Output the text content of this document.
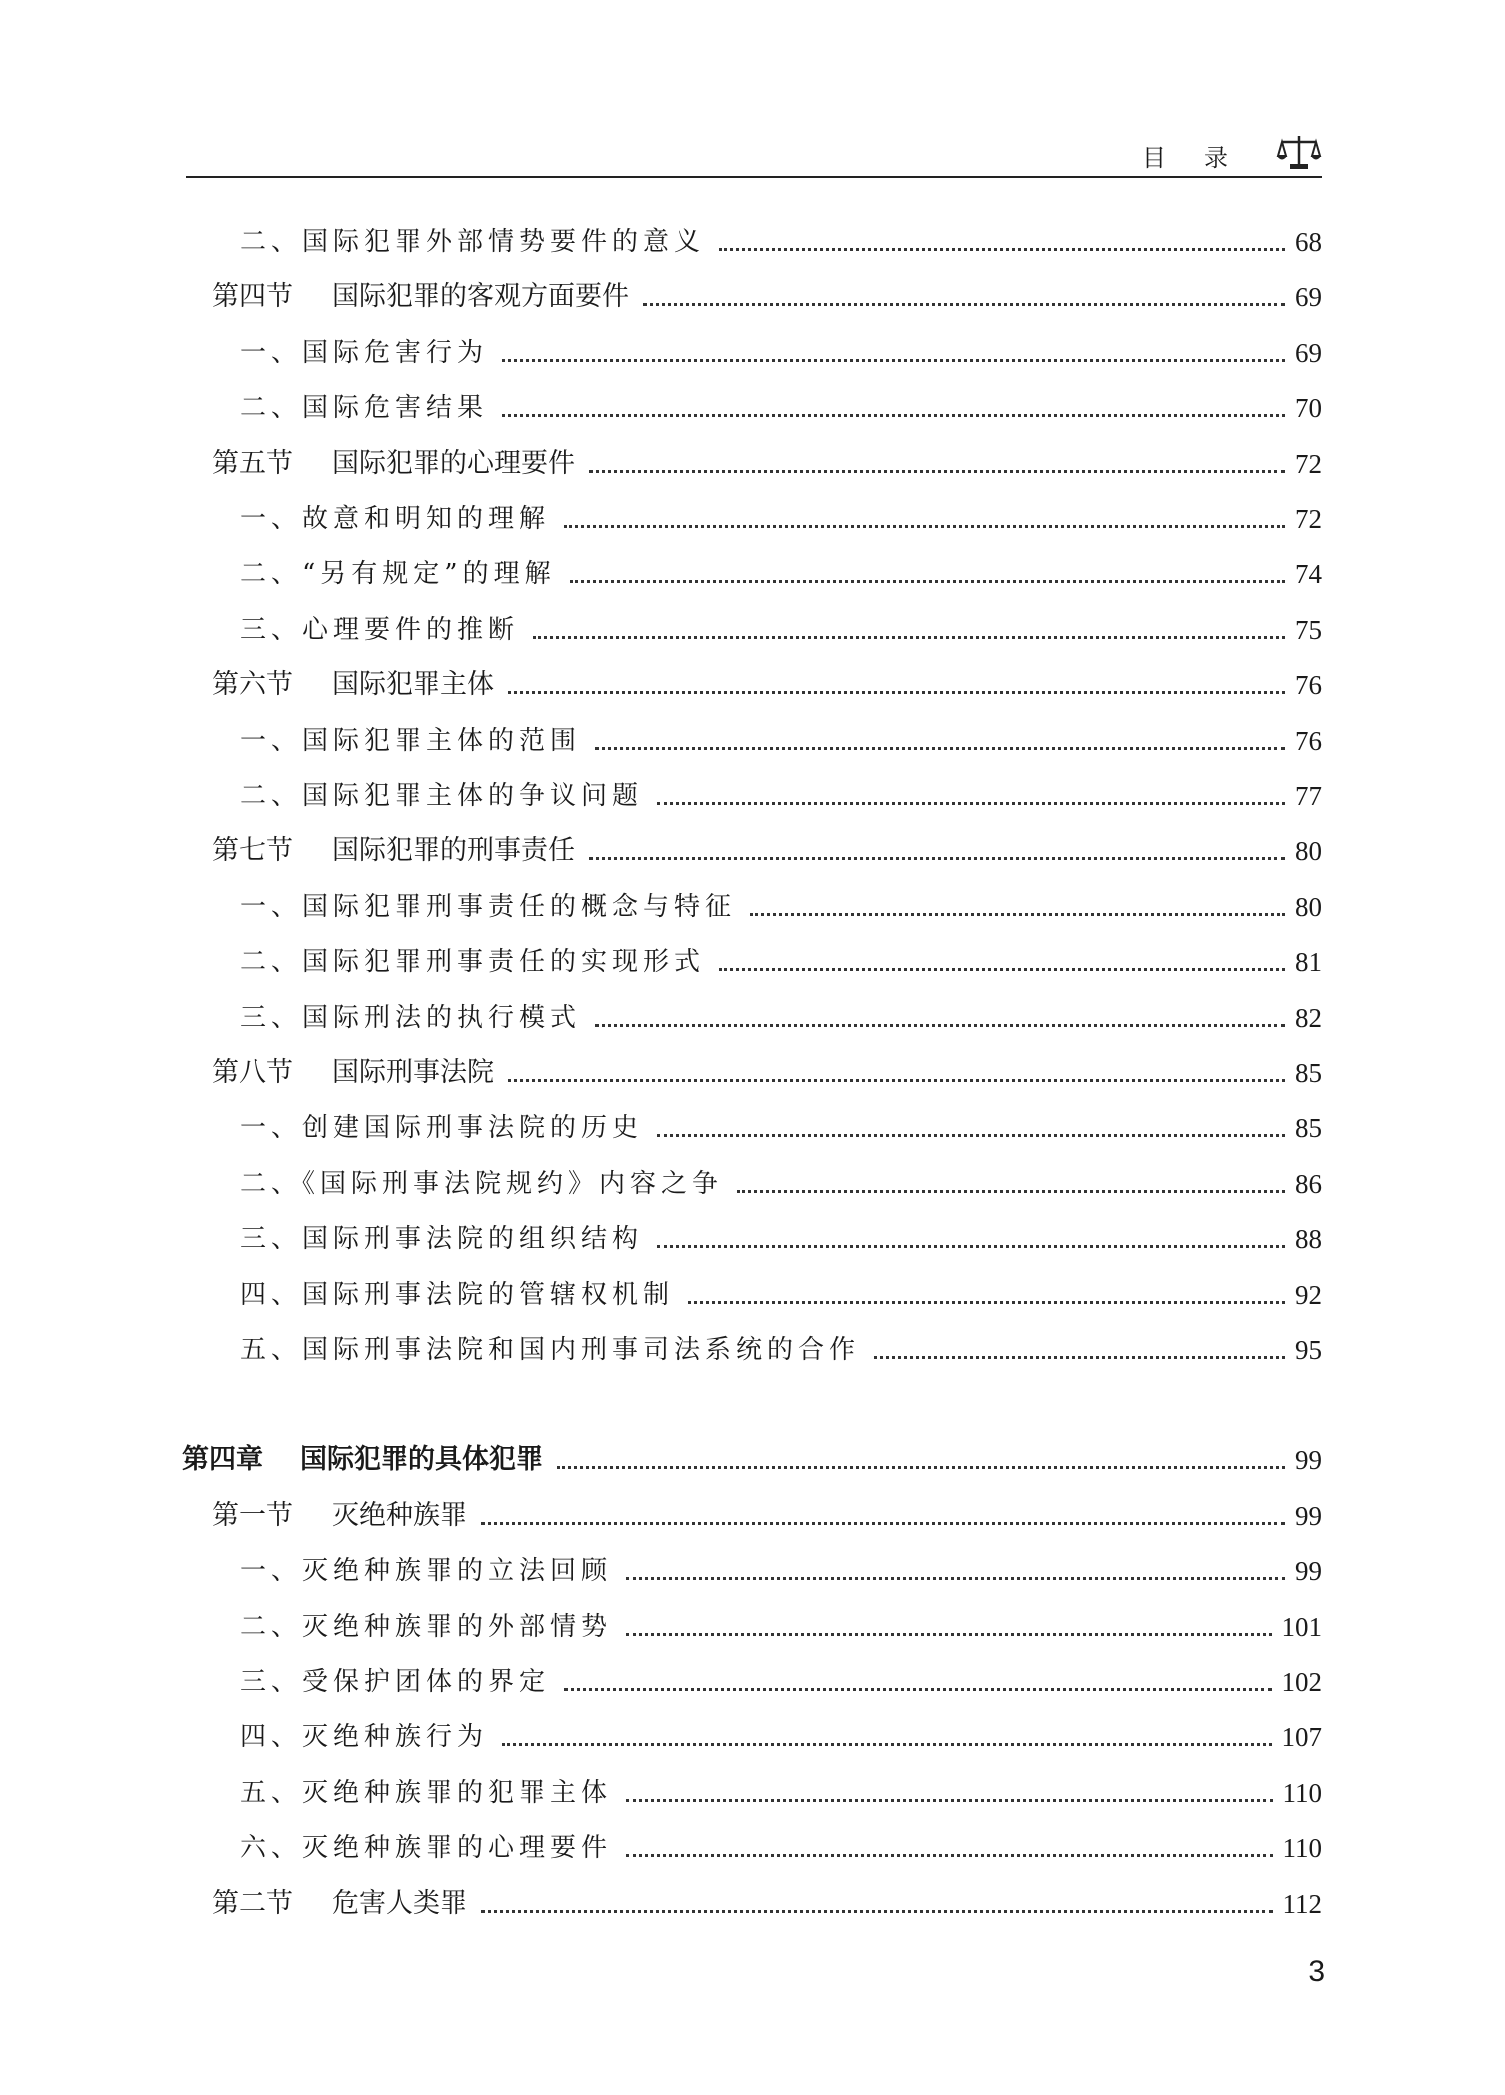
目录
二、国际犯罪外部情势要件的意义	68
第四节 国际犯罪的客观方面要件	69
一、国际危害行为	69
二、国际危害结果	70
第五节 国际犯罪的心理要件	72
一、故意和明知的理解	72
二、“另有规定”的理解	74
三、心理要件的推断	75
第六节 国际犯罪主体	76
一、国际犯罪主体的范围	76
二、国际犯罪主体的争议问题	77
第七节 国际犯罪的刑事责任	80
一、国际犯罪刑事责任的概念与特征	80
二、国际犯罪刑事责任的实现形式	81
三、国际刑法的执行模式	82
第八节 国际刑事法院	85
一、创建国际刑事法院的历史	85
二、《国际刑事法院规约》内容之争	86
三、国际刑事法院的组织结构	88
四、国际刑事法院的管辖权机制	92
五、国际刑事法院和国内刑事司法系统的合作	95
第四章 国际犯罪的具体犯罪	99
第一节 灭绝种族罪	99
一、灭绝种族罪的立法回顾	99
二、灭绝种族罪的外部情势	101
三、受保护团体的界定	102
四、灭绝种族行为	107
五、灭绝种族罪的犯罪主体	110
六、灭绝种族罪的心理要件	110
第二节 危害人类罪	112
3
